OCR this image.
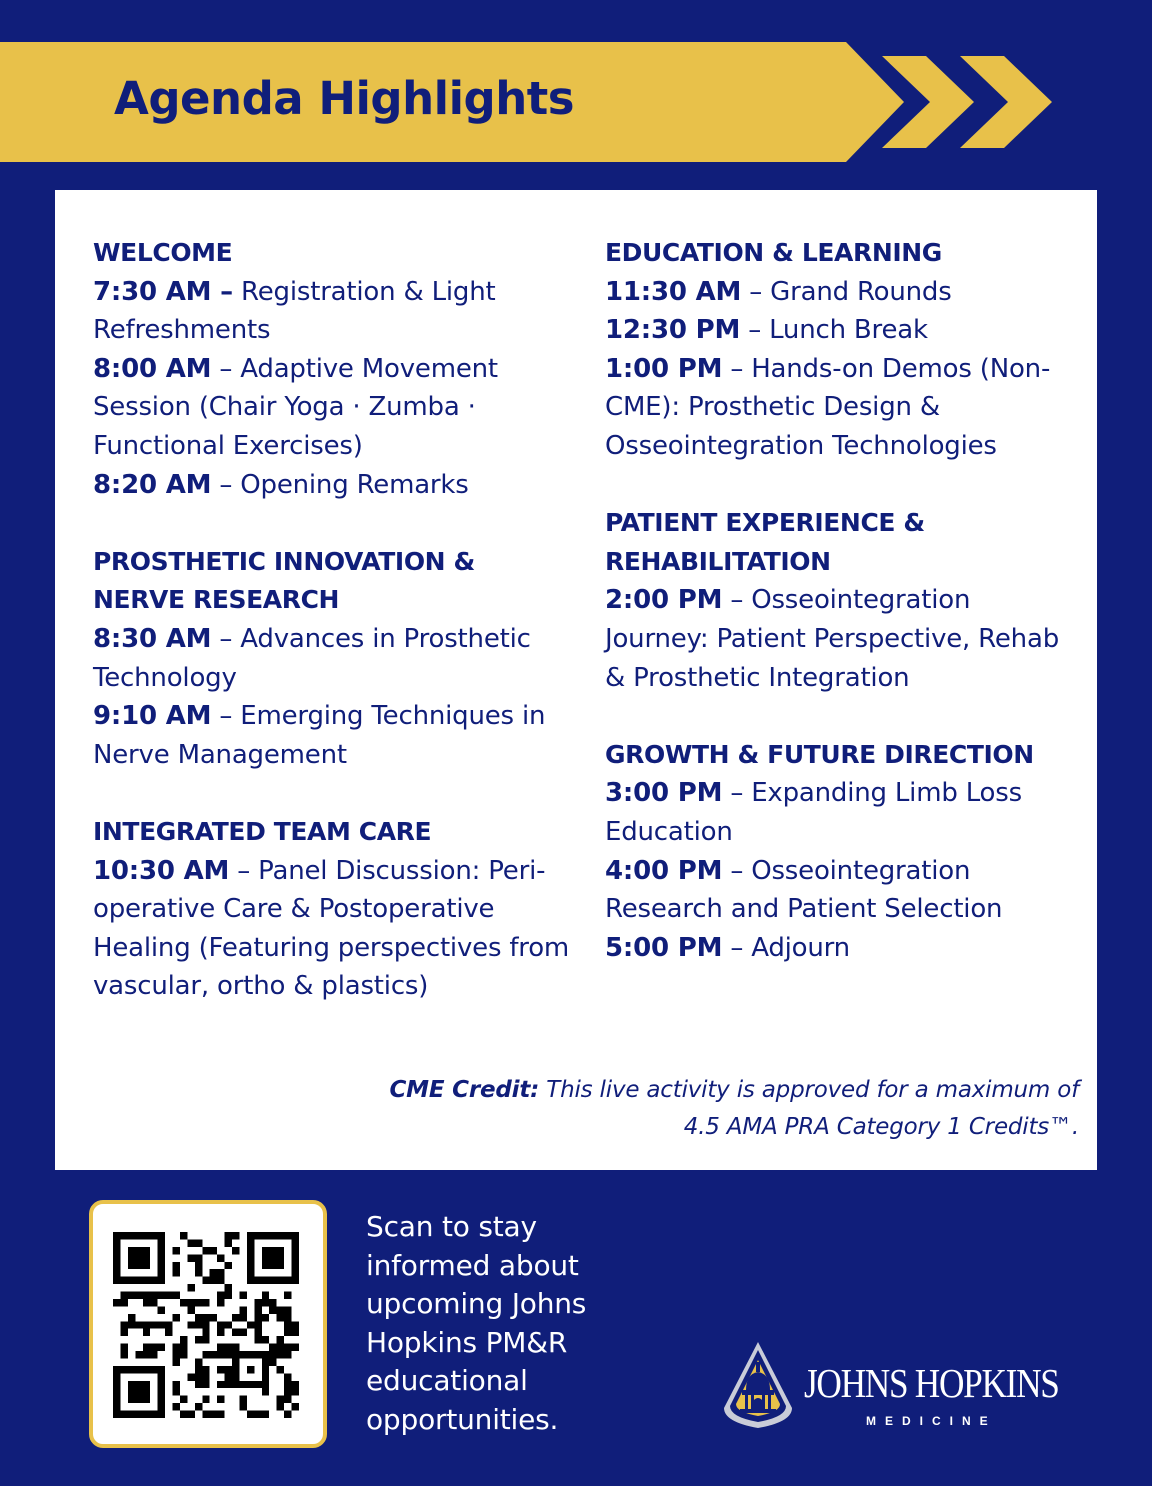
Agenda Highlights
WELCOME
7:30 AM – Registration & Light Refreshments
8:00 AM – Adaptive Movement Session (Chair Yoga · Zumba · Functional Exercises)
8:20 AM – Opening Remarks
PROSTHETIC INNOVATION & NERVE RESEARCH
8:30 AM – Advances in Prosthetic Technology
9:10 AM – Emerging Techniques in Nerve Management
INTEGRATED TEAM CARE
10:30 AM – Panel Discussion: Peri-operative Care & Postoperative Healing (Featuring perspectives from vascular, ortho & plastics)
EDUCATION & LEARNING
11:30 AM – Grand Rounds
12:30 PM – Lunch Break
1:00 PM – Hands-on Demos (Non-CME): Prosthetic Design & Osseointegration Technologies
PATIENT EXPERIENCE & REHABILITATION
2:00 PM – Osseointegration Journey: Patient Perspective, Rehab & Prosthetic Integration
GROWTH & FUTURE DIRECTION
3:00 PM – Expanding Limb Loss Education
4:00 PM – Osseointegration Research and Patient Selection
5:00 PM – Adjourn
CME Credit: This live activity is approved for a maximum of 4.5 AMA PRA Category 1 Credits™.

Scan to stay informed about upcoming Johns Hopkins PM&R educational opportunities.

JOHNS HOPKINS
MEDICINE
